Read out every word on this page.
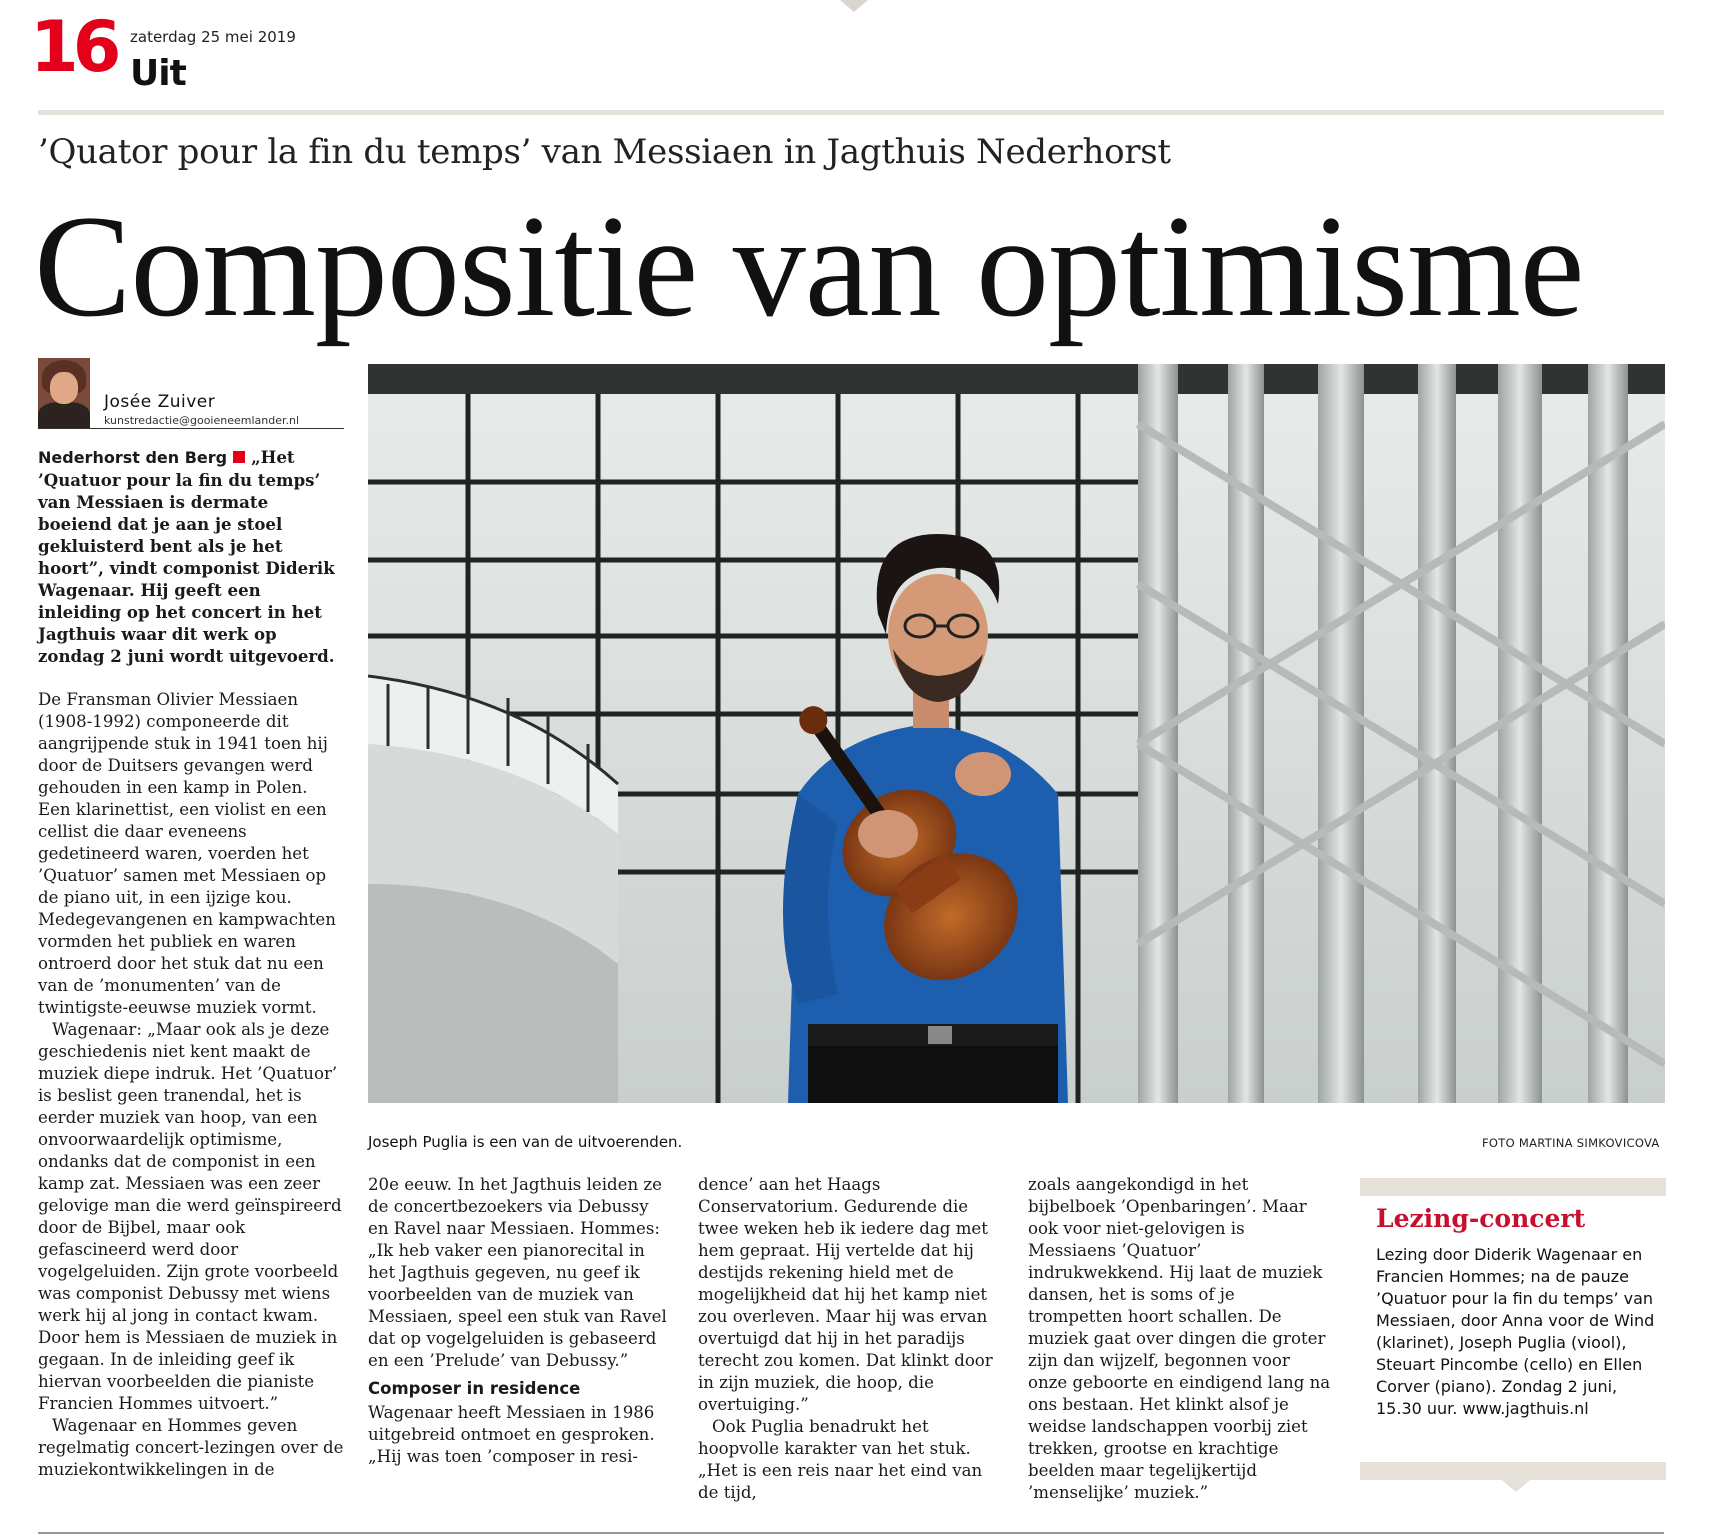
16 zaterdag 25 mei 2019
Uit
’Quator pour la fin du temps’ van Messiaen in Jagthuis Nederhorst
Compositie van optimisme
Josée Zuiver
kunstredactie@gooieneemlander.nl

Nederhorst den Berg „Het ’Quatuor pour la fin du temps’ van Messiaen is dermate boeiend dat je aan je stoel gekluisterd bent als je het hoort”, vindt componist Diderik Wagenaar. Hij geeft een inleiding op het concert in het Jagthuis waar dit werk op zondag 2 juni wordt uitgevoerd.

De Fransman Olivier Messiaen (1908-1992) componeerde dit aangrijpende stuk in 1941 toen hij door de Duitsers gevangen werd gehouden in een kamp in Polen. Een klarinettist, een violist en een cellist die daar eveneens gedetineerd waren, voerden het ’Quatuor’ samen met Messiaen op de piano uit, in een ijzige kou. Medegevangenen en kampwachten vormden het publiek en waren ontroerd door het stuk dat nu een van de ’monumenten’ van de twintigste-eeuwse muziek vormt.

Wagenaar: „Maar ook als je deze geschiedenis niet kent maakt de muziek diepe indruk. Het ’Quatuor’ is beslist geen tranendal, het is eerder muziek van hoop, van een onvoorwaardelijk optimisme, ondanks dat de componist in een kamp zat. Messiaen was een zeer gelovige man die werd geïnspireerd door de Bijbel, maar ook gefascineerd werd door vogelgeluiden. Zijn grote voorbeeld was componist Debussy met wiens werk hij al jong in contact kwam. Door hem is Messiaen de muziek in gegaan. In de inleiding geef ik hiervan voorbeelden die pianiste Francien Hommes uitvoert.”

Wagenaar en Hommes geven regelmatig concert-lezingen over de muziekontwikkelingen in de

Joseph Puglia is een van de uitvoerenden.	FOTO MARTINA SIMKOVICOVA

20e eeuw. In het Jagthuis leiden ze de concertbezoekers via Debussy en Ravel naar Messiaen. Hommes: „Ik heb vaker een pianorecital in het Jagthuis gegeven, nu geef ik voorbeelden van de muziek van Messiaen, speel een stuk van Ravel dat op vogelgeluiden is gebaseerd en een ’Prelude’ van Debussy.”

Composer in residence

Wagenaar heeft Messiaen in 1986 uitgebreid ontmoet en gesproken. „Hij was toen ’composer in resi-

dence’ aan het Haags Conservatorium. Gedurende die twee weken heb ik iedere dag met hem gepraat. Hij vertelde dat hij destijds rekening hield met de mogelijkheid dat hij het kamp niet zou overleven. Maar hij was ervan overtuigd dat hij in het paradijs terecht zou komen. Dat klinkt door in zijn muziek, die hoop, die overtuiging.”

Ook Puglia benadrukt het hoopvolle karakter van het stuk. „Het is een reis naar het eind van de tijd,

zoals aangekondigd in het bijbelboek ’Openbaringen’. Maar ook voor niet-gelovigen is Messiaens ’Quatuor’ indrukwekkend. Hij laat de muziek dansen, het is soms of je trompetten hoort schallen. De muziek gaat over dingen die groter zijn dan wijzelf, begonnen voor onze geboorte en eindigend lang na ons bestaan. Het klinkt alsof je weidse landschappen voorbij ziet trekken, grootse en krachtige beelden maar tegelijkertijd ’menselijke’ muziek.”

Lezing-concert
Lezing door Diderik Wagenaar en Francien Hommes; na de pauze ’Quatuor pour la fin du temps’ van Messiaen, door Anna voor de Wind (klarinet), Joseph Puglia (viool), Steuart Pincombe (cello) en Ellen Corver (piano). Zondag 2 juni, 15.30 uur. www.jagthuis.nl
